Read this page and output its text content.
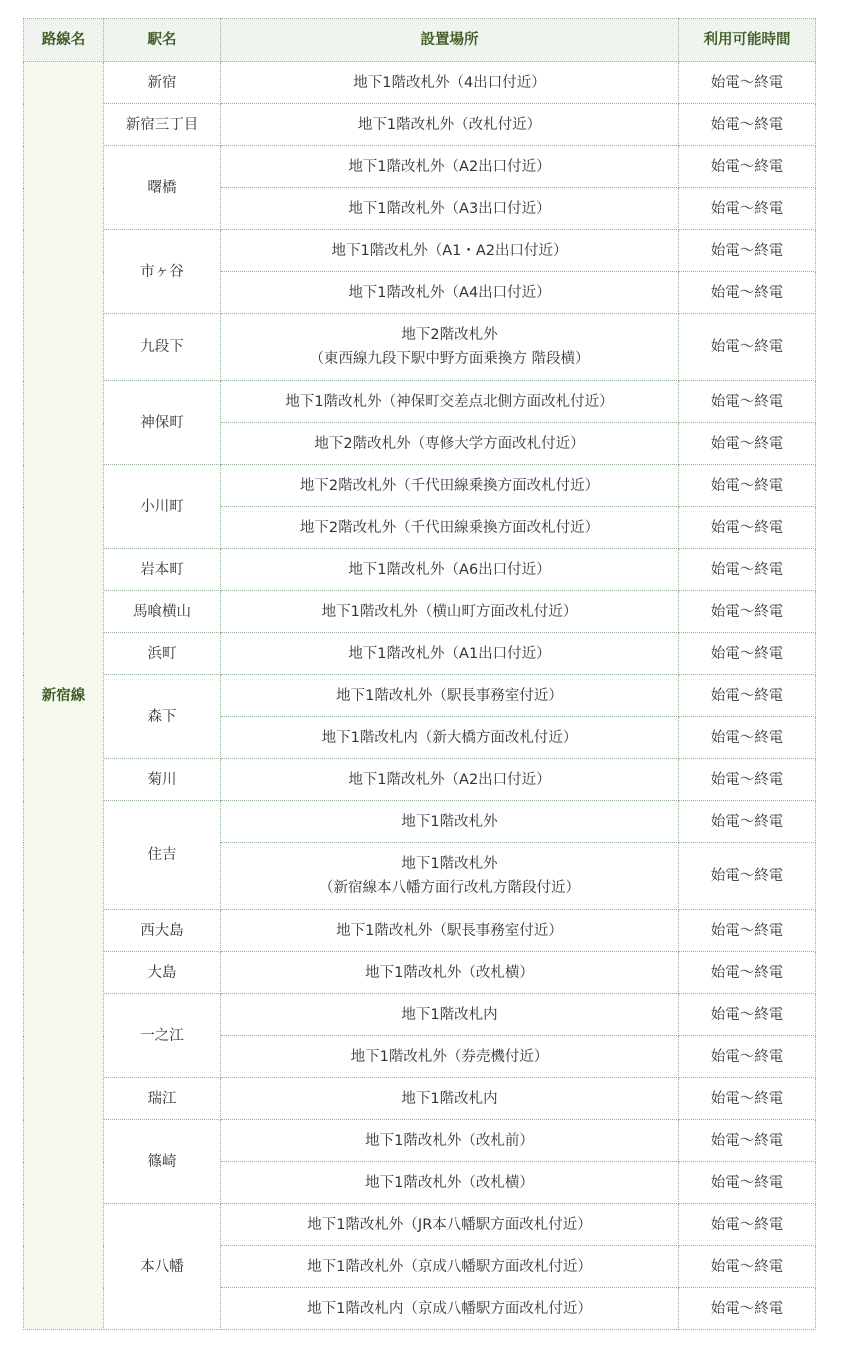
路線名	駅名	設置場所	利用可能時間
新宿線	新宿	地下1階改札外（4出口付近）	始電〜終電
	新宿三丁目	地下1階改札外（改札付近）	始電〜終電
	曙橋	地下1階改札外（A2出口付近）	始電〜終電

		地下1階改札外（A3出口付近）	始電〜終電
	市ヶ谷	地下1階改札外（A1・A2出口付近）	始電〜終電

		地下1階改札外（A4出口付近）	始電〜終電
	九段下	地下2階改札外
（東西線九段下駅中野方面乗換方 階段横）	始電〜終電
	神保町	地下1階改札外（神保町交差点北側方面改札付近）	始電〜終電

		地下2階改札外（専修大学方面改札付近）	始電〜終電
	小川町	地下2階改札外（千代田線乗換方面改札付近）	始電〜終電

		地下2階改札外（千代田線乗換方面改札付近）	始電〜終電
	岩本町	地下1階改札外（A6出口付近）	始電〜終電
	馬喰横山	地下1階改札外（横山町方面改札付近）	始電〜終電
	浜町	地下1階改札外（A1出口付近）	始電〜終電
	森下	地下1階改札外（駅長事務室付近）	始電〜終電

		地下1階改札内（新大橋方面改札付近）	始電〜終電
	菊川	地下1階改札外（A2出口付近）	始電〜終電
	住吉	地下1階改札外	始電〜終電

		地下1階改札外
（新宿線本八幡方面行改札方階段付近）	始電〜終電
	西大島	地下1階改札外（駅長事務室付近）	始電〜終電
	大島	地下1階改札外（改札横）	始電〜終電
	一之江	地下1階改札内	始電〜終電

		地下1階改札外（券売機付近）	始電〜終電
	瑞江	地下1階改札内	始電〜終電
	篠崎	地下1階改札外（改札前）	始電〜終電

		地下1階改札外（改札横）	始電〜終電
	本八幡	地下1階改札外（JR本八幡駅方面改札付近）	始電〜終電

		地下1階改札外（京成八幡駅方面改札付近）	始電〜終電

		地下1階改札内（京成八幡駅方面改札付近）	始電〜終電
